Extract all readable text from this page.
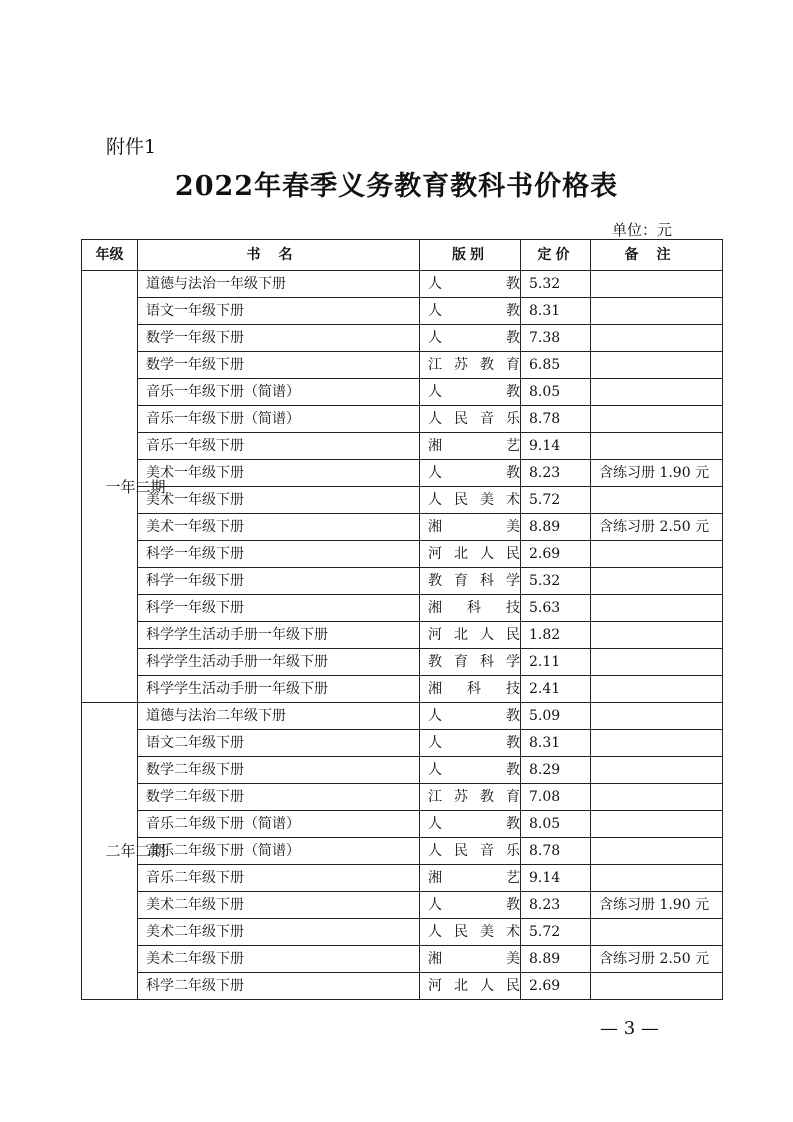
附件1
2022年春季义务教育教科书价格表
单位：元
年级	书名	版别	定价	备注
一年二期	道德与法治一年级下册	人教	5.32	
	语文一年级下册	人教	8.31	
	数学一年级下册	人教	7.38	
	数学一年级下册	江苏教育	6.85	
	音乐一年级下册（简谱）	人教	8.05	
	音乐一年级下册（简谱）	人民音乐	8.78	
	音乐一年级下册	湘艺	9.14	
	美术一年级下册	人教	8.23	含练习册 1.90 元
	美术一年级下册	人民美术	5.72	
	美术一年级下册	湘美	8.89	含练习册 2.50 元
	科学一年级下册	河北人民	2.69	
	科学一年级下册	教育科学	5.32	
	科学一年级下册	湘科技	5.63	
	科学学生活动手册一年级下册	河北人民	1.82	
	科学学生活动手册一年级下册	教育科学	2.11	
	科学学生活动手册一年级下册	湘科技	2.41	
二年二期	道德与法治二年级下册	人教	5.09	
	语文二年级下册	人教	8.31	
	数学二年级下册	人教	8.29	
	数学二年级下册	江苏教育	7.08	
	音乐二年级下册（简谱）	人教	8.05	
	音乐二年级下册（简谱）	人民音乐	8.78	
	音乐二年级下册	湘艺	9.14	
	美术二年级下册	人教	8.23	含练习册 1.90 元
	美术二年级下册	人民美术	5.72	
	美术二年级下册	湘美	8.89	含练习册 2.50 元
	科学二年级下册	河北人民	2.69	
— 3 —
